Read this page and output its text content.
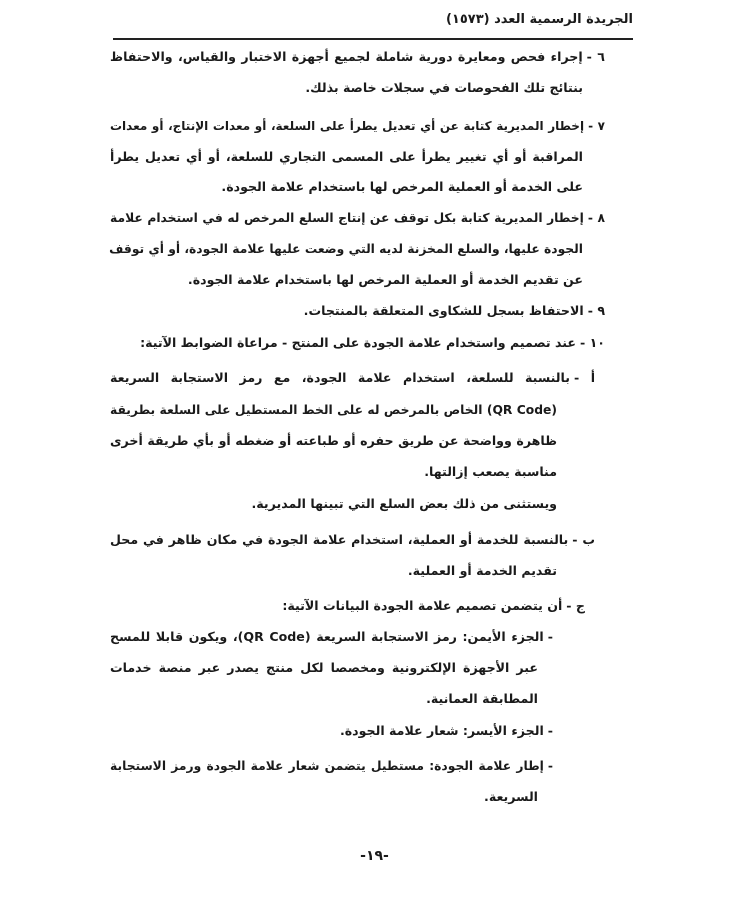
الجريدة الرسمية العدد (١٥٧٣)
٦ -إجراء فحص ومعايرة دورية شاملة لجميع أجهزة الاختبار والقياس، والاحتفاظ
بنتائج تلك الفحوصات في سجلات خاصة بذلك.
٧ -إخطار المديرية كتابة عن أي تعديل يطرأ على السلعة، أو معدات الإنتاج، أو معدات
المراقبة أو أي تغيير يطرأ على المسمى التجاري للسلعة، أو أي تعديل يطرأ
على الخدمة أو العملية المرخص لها باستخدام علامة الجودة.
٨ -إخطار المديرية كتابة بكل توقف عن إنتاج السلع المرخص له في استخدام علامة
الجودة عليها، والسلع المخزنة لديه التي وضعت عليها علامة الجودة، أو أي توقف
عن تقديم الخدمة أو العملية المرخص لها باستخدام علامة الجودة.
٩ -الاحتفاظ بسجل للشكاوى المتعلقة بالمنتجات.
١٠ -عند تصميم واستخدام علامة الجودة على المنتج - مراعاة الضوابط الآتية:
أ -بالنسبة للسلعة، استخدام علامة الجودة، مع رمز الاستجابة السريعة
(QR Code) الخاص بالمرخص له على الخط المستطيل على السلعة بطريقة
ظاهرة وواضحة عن طريق حفره أو طباعته أو ضغطه أو بأي طريقة أخرى
مناسبة يصعب إزالتها.
ويستثنى من ذلك بعض السلع التي تبينها المديرية.
ب -بالنسبة للخدمة أو العملية، استخدام علامة الجودة في مكان ظاهر في محل
تقديم الخدمة أو العملية.
ج -أن يتضمن تصميم علامة الجودة البيانات الآتية:
-الجزء الأيمن: رمز الاستجابة السريعة (QR Code)، ويكون قابلا للمسح
عبر الأجهزة الإلكترونية ومخصصا لكل منتج يصدر عبر منصة خدمات
المطابقة العمانية.
-الجزء الأيسر: شعار علامة الجودة.
-إطار علامة الجودة: مستطيل يتضمن شعار علامة الجودة ورمز الاستجابة
السريعة.
-١٩-
